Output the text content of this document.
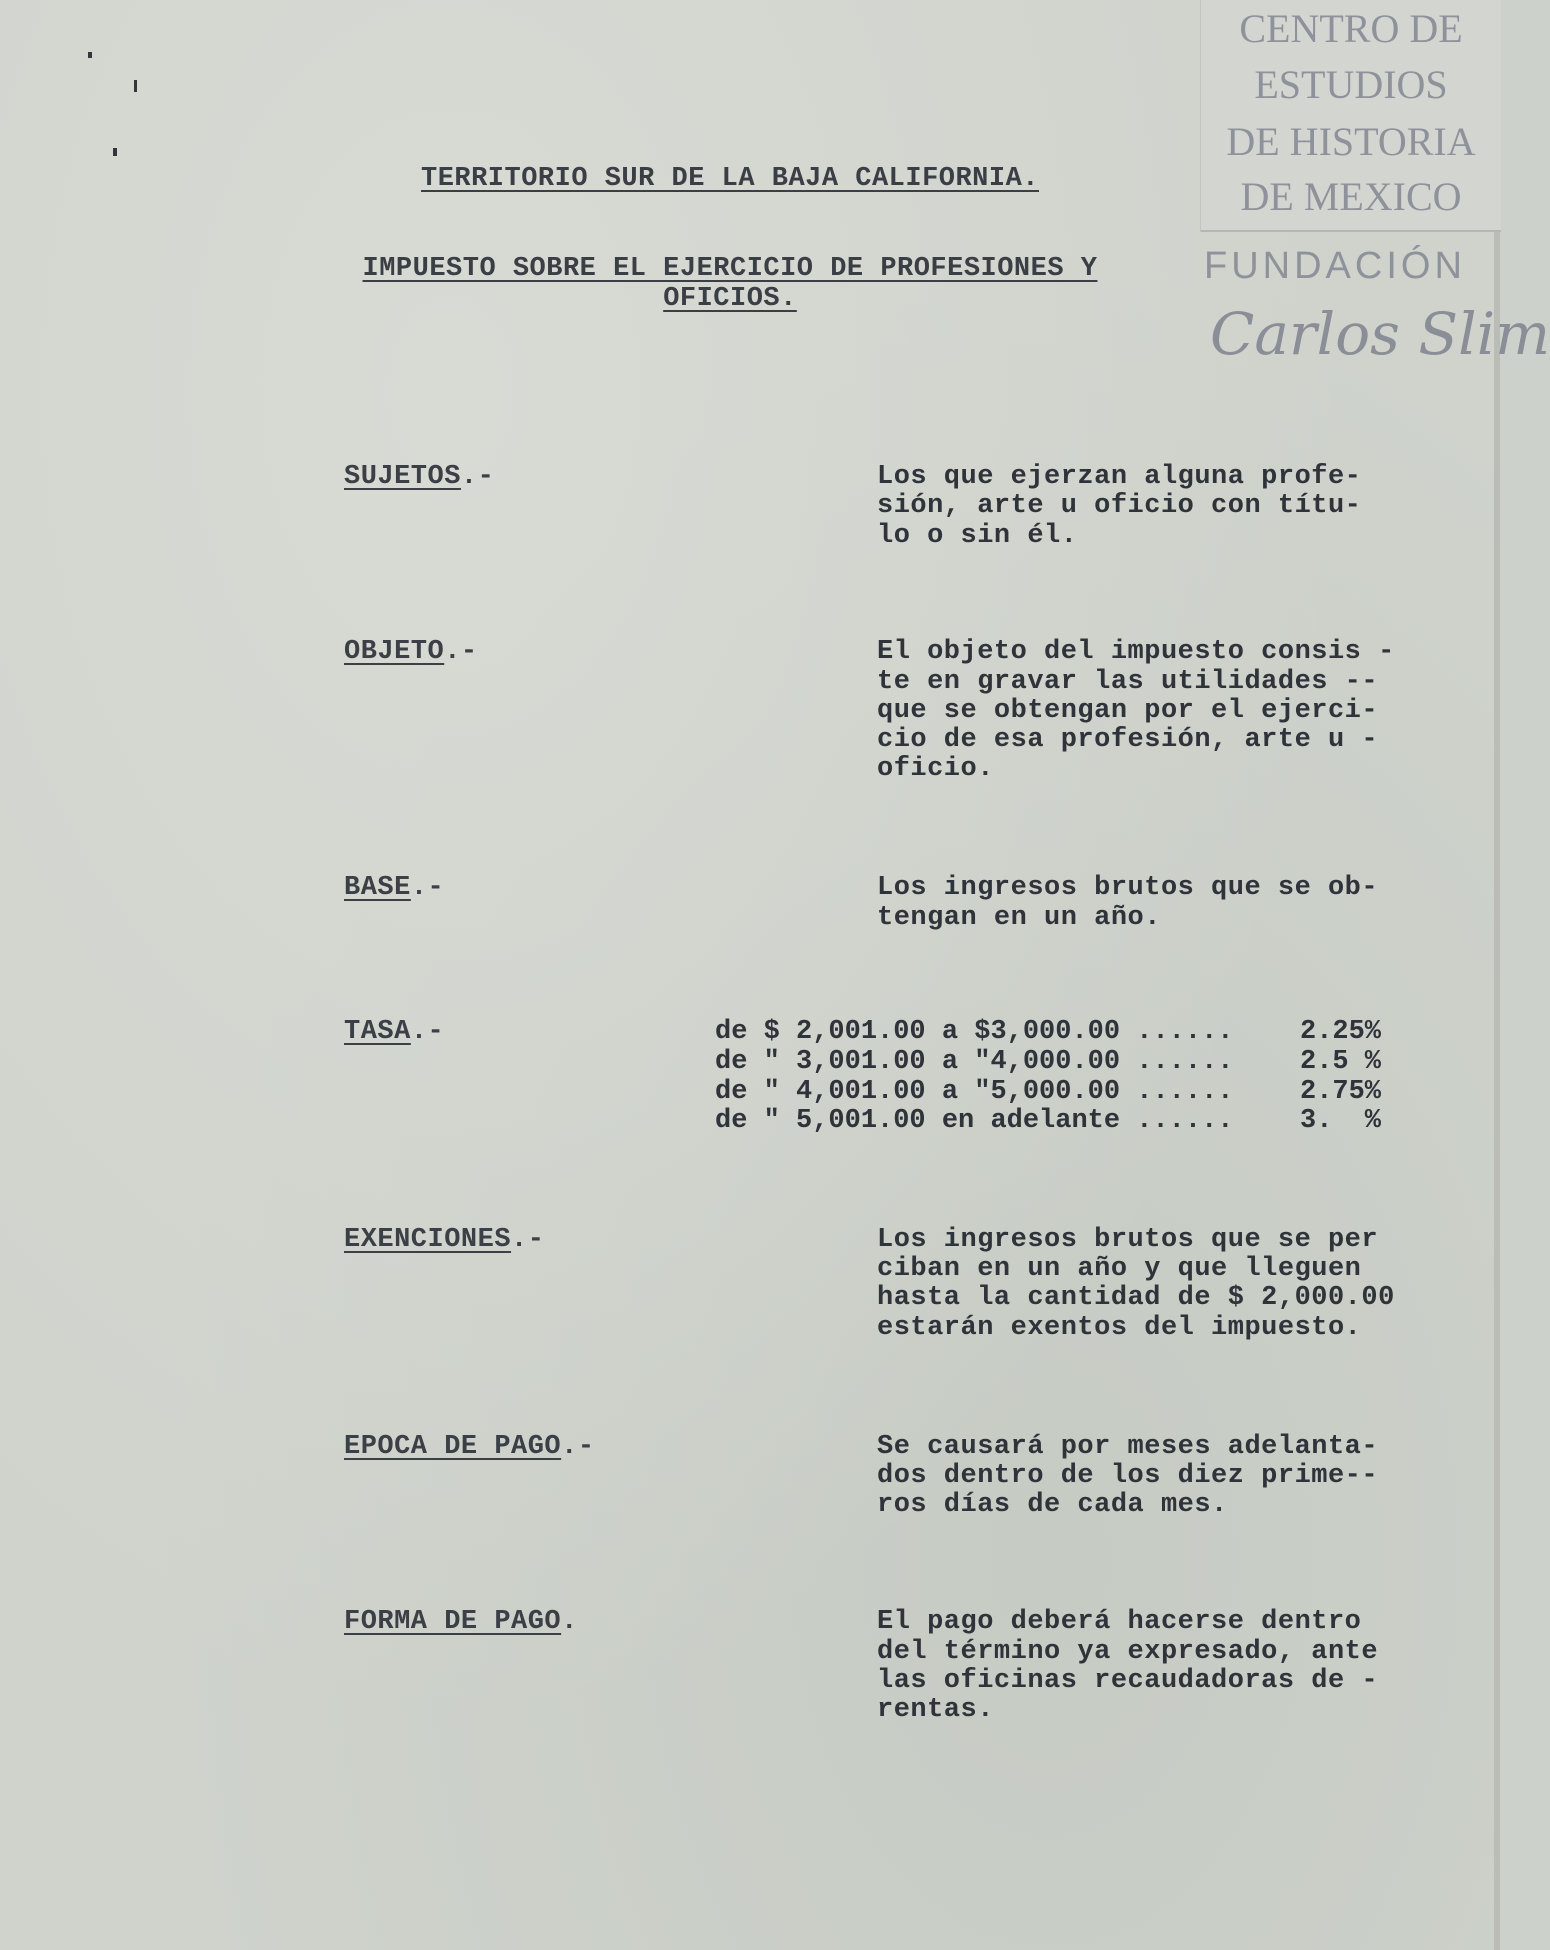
CENTRO DE
ESTUDIOS
DE HISTORIA
DE MEXICO
FUNDACIÓN
Carlos Slim

TERRITORIO SUR DE LA BAJA CALIFORNIA.

IMPUESTO SOBRE EL EJERCICIO DE PROFESIONES Y

OFICIOS.

SUJETOS.-	Los que ejerzan alguna profe-

sión, arte u oficio con títu-

lo o sin él.

OBJETO.-	El objeto del impuesto consis -

te en gravar las utilidades --

que se obtengan por el ejerci-

cio de esa profesión, arte u -

oficio.

BASE.-	Los ingresos brutos que se ob-

tengan en un año.

TASA.-	de $ 2,001.00 a $3,000.00 ...... 2.25%
de " 3,001.00 a "4,000.00 ...... 2.5 %
de " 4,001.00 a "5,000.00 ...... 2.75%
de " 5,001.00 en adelante ...... 3.  %

EXENCIONES.-	Los ingresos brutos que se per

ciban en un año y que lleguen

hasta la cantidad de $ 2,000.00

estarán exentos del impuesto.

EPOCA DE PAGO.-	Se causará por meses adelanta-

dos dentro de los diez prime--

ros días de cada mes.

FORMA DE PAGO.	El pago deberá hacerse dentro

del término ya expresado, ante

las oficinas recaudadoras de -

rentas.
